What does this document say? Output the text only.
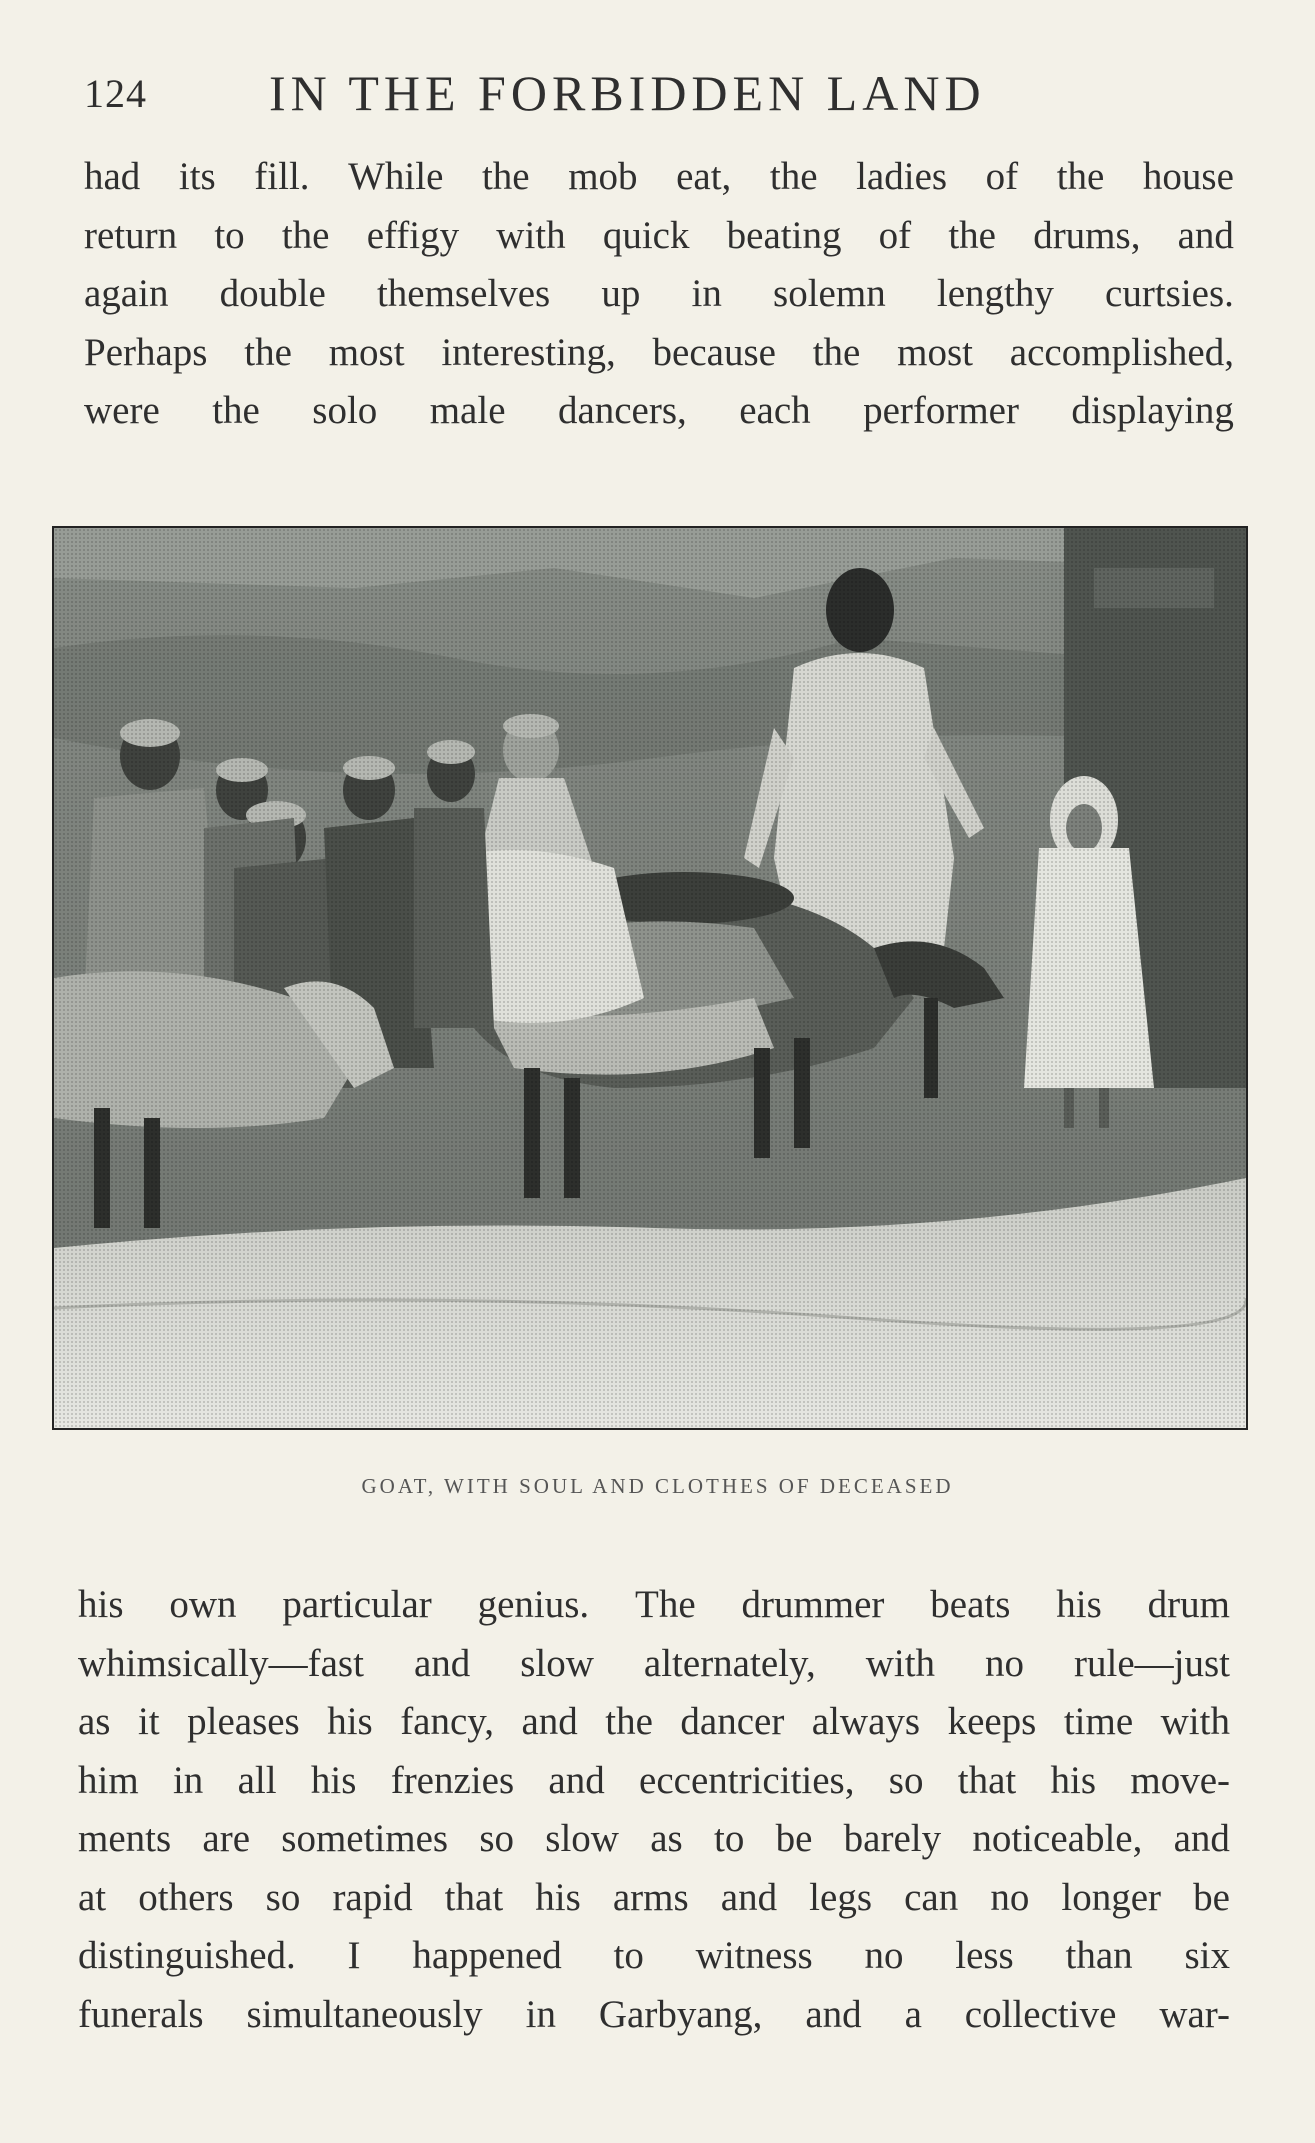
124 IN THE FORBIDDEN LAND
had its fill. While the mob eat, the ladies of the house
return to the effigy with quick beating of the drums, and
again double themselves up in solemn lengthy curtsies.
Perhaps the most interesting, because the most accomplished,
were the solo male dancers, each performer displaying
GOAT, WITH SOUL AND CLOTHES OF DECEASED
his own particular genius. The drummer beats his drum
whimsically—fast and slow alternately, with no rule—just
as it pleases his fancy, and the dancer always keeps time with
him in all his frenzies and eccentricities, so that his move-
ments are sometimes so slow as to be barely noticeable, and
at others so rapid that his arms and legs can no longer be
distinguished. I happened to witness no less than six
funerals simultaneously in Garbyang, and a collective war-
